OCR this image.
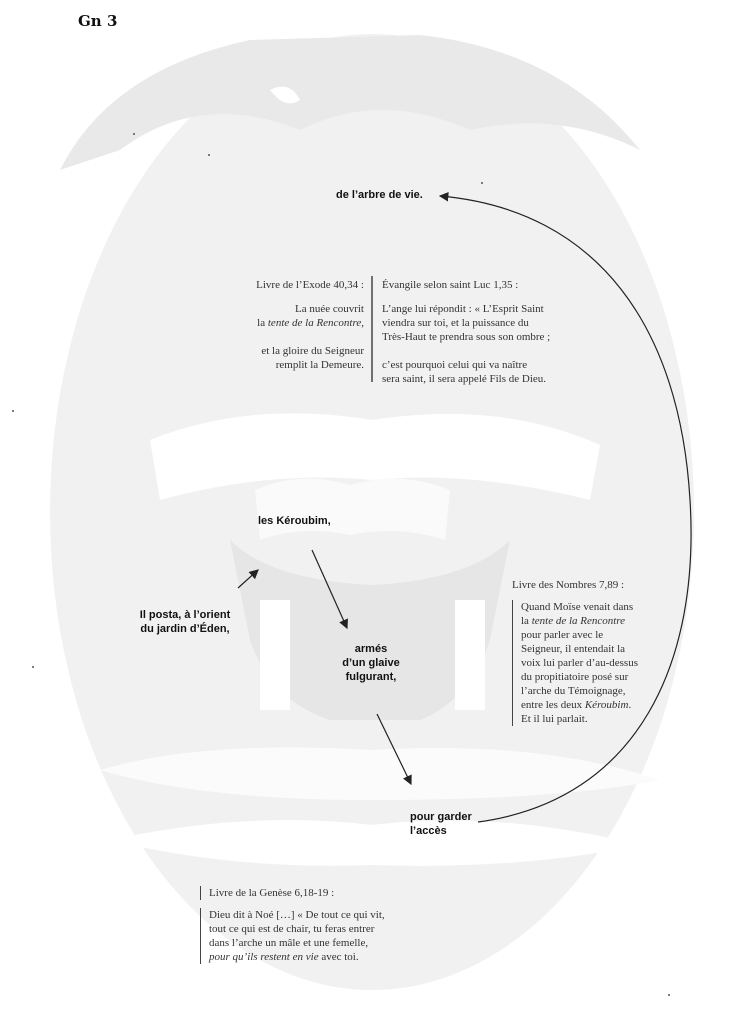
Gn 3
de l’arbre de vie.
les Kéroubim,
Il posta, à l’orient
du jardin d’Éden,
armés
d’un glaive
fulgurant,
pour garder
l’accès
Livre de l’Exode 40,34 :
La nuée couvrit
la tente de la Rencontre,
et la gloire du Seigneur
remplit la Demeure.
Évangile selon saint Luc 1,35 :
L’ange lui répondit : « L’Esprit Saint
viendra sur toi, et la puissance du
Très-Haut te prendra sous son ombre ;
c’est pourquoi celui qui va naître
sera saint, il sera appelé Fils de Dieu.
Livre des Nombres 7,89 :
Quand Moïse venait dans
la tente de la Rencontre
pour parler avec le
Seigneur, il entendait la
voix lui parler d’au-dessus
du propitiatoire posé sur
l’arche du Témoignage,
entre les deux Kéroubim.
Et il lui parlait.
Livre de la Genèse 6,18-19 :
Dieu dit à Noé […] « De tout ce qui vit,
tout ce qui est de chair, tu feras entrer
dans l’arche un mâle et une femelle,
pour qu’ils restent en vie avec toi.
